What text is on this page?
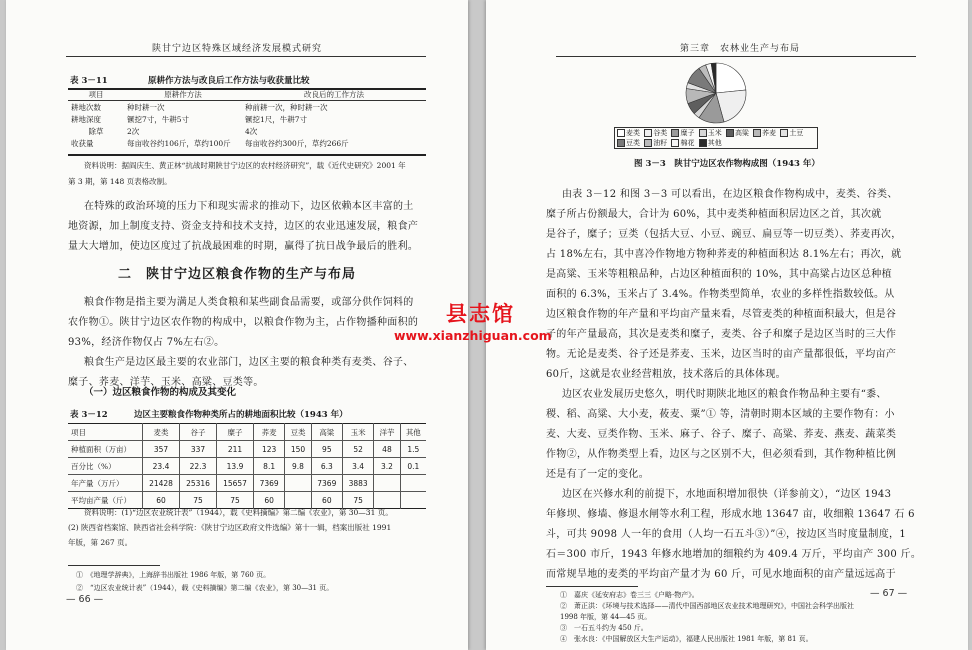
陕甘宁边区特殊区域经济发展模式研究
表 3－11	原耕作方法与改良后工作方法与收获量比较
项目	原耕作方法	改良后的工作方法
耕地次数	种时耕一次	种前耕一次，种时耕一次
耕地深度	镢挖7寸，牛耕5寸	镢挖1尺，牛耕7寸
除草	2次	4次
收获量	每亩收谷约106斤，草约100斤	每亩收谷约300斤，草约266斤
资料说明：据阎庆生、黄正林“抗战时期陕甘宁边区的农村经济研究”，载《近代史研究》2001 年
第 3 期，第 148 页表格改制。
在特殊的政治环境的压力下和现实需求的推动下，边区依赖本区丰富的土
地资源，加上制度支持、资金支持和技术支持，边区的农业迅速发展，粮食产
量大大增加，使边区度过了抗战最困难的时期，赢得了抗日战争最后的胜利。
二　陕甘宁边区粮食作物的生产与布局
粮食作物是指主要为满足人类食粮和某些副食品需要，或部分供作饲料的
农作物①。陕甘宁边区农作物的构成中，以粮食作物为主，占作物播种面积的
93%，经济作物仅占 7%左右②。
粮食生产是边区最主要的农业部门，边区主要的粮食种类有麦类、谷子、
糜子、荞麦、洋芋、玉米、高粱、豆类等。
（一）边区粮食作物的构成及其变化
表 3－12	边区主要粮食作物种类所占的耕地面积比较（1943 年）
项目	麦类	谷子	糜子	荞麦	豆类	高粱	玉米	洋芋	其他
种植面积（万亩）	357	337	211	123	150	95	52	48	1.5
百分比（%）	23.4	22.3	13.9	8.1	9.8	6.3	3.4	3.2	0.1
年产量（万斤）	21428	25316	15657	7369		7369	3883		
平均亩产量（斤）	60	75	75	60		60	75		
资料说明：(1)“边区农业统计表”（1944），载《史料摘编》第二编《农业》，第 30—31 页。
(2) 陕西省档案馆、陕西省社会科学院：《陕甘宁边区政府文件选编》第十一辑，档案出版社 1991
年版，第 267 页。
①　《地理学辞典》，上海辞书出版社 1986 年版，第 760 页。
②　“边区农业统计表”（1944），载《史料摘编》第二编《农业》，第 30—31 页。
— 66 —
第三章　农林业生产与布局
麦类 谷类 糜子 玉米 高粱 荞麦 土豆
豆类 油籽 棉花 其他
图 3－3　陕甘宁边区农作物构成图（1943 年）
由表 3－12 和图 3－3 可以看出，在边区粮食作物构成中，麦类、谷类、
糜子所占份额最大，合计为 60%，其中麦类种植面积居边区之首，其次就
是谷子，糜子；豆类（包括大豆、小豆、豌豆、扁豆等一切豆类）、荞麦再次，
占 18%左右，其中喜冷作物地方物种荞麦的种植面积达 8.1%左右；再次，就
是高粱、玉米等粗粮品种，占边区种植面积的 10%，其中高粱占边区总种植
面积的 6.3%，玉米占了 3.4%。作物类型简单，农业的多样性指数较低。从
边区粮食作物的年产量和平均亩产量来看，尽管麦类的种植面积最大，但是谷
子的年产量最高，其次是麦类和糜子，麦类、谷子和糜子是边区当时的三大作
物。无论是麦类、谷子还是荞麦、玉米，边区当时的亩产量都很低，平均亩产
60斤，这就是农业经营粗放，技术落后的具体体现。
边区农业发展历史悠久，明代时期陕北地区的粮食作物品种主要有“黍、
稷、稻、高粱、大小麦，莜麦、粟”① 等，清朝时期本区域的主要作物有：小
麦、大麦、豆类作物、玉米、麻子、谷子、糜子、高粱、荞麦、燕麦、蔬菜类
作物②，从作物类型上看，边区与之区别不大，但必须看到，其作物种植比例
还是有了一定的变化。
边区在兴修水利的前提下，水地面积增加很快（详参前文），“边区 1943
年修坝、修墙、修退水闸等水利工程，形成水地 13647 亩，收细粮 13647 石 6
斗，可共 9098 人一年的食用（人均一石五斗③）”④，按边区当时度量制度，1
石＝300 市斤，1943 年修水地增加的细粮约为 409.4 万斤，平均亩产 300 斤。
而常规旱地的麦类的平均亩产量才为 60 斤，可见水地面积的亩产量远远高于
①　嘉庆《延安府志》卷三三《户略·物产》。
②　萧正洪：《环境与技术选择——清代中国西部地区农业技术地理研究》，中国社会科学出版社
1998 年版，第 44—45 页。
③　一石五斗约为 450 斤。
④　张水良：《中国解放区大生产运动》，福建人民出版社 1981 年版，第 81 页。
— 67 —
县志馆
www.xianzhiguan.com
